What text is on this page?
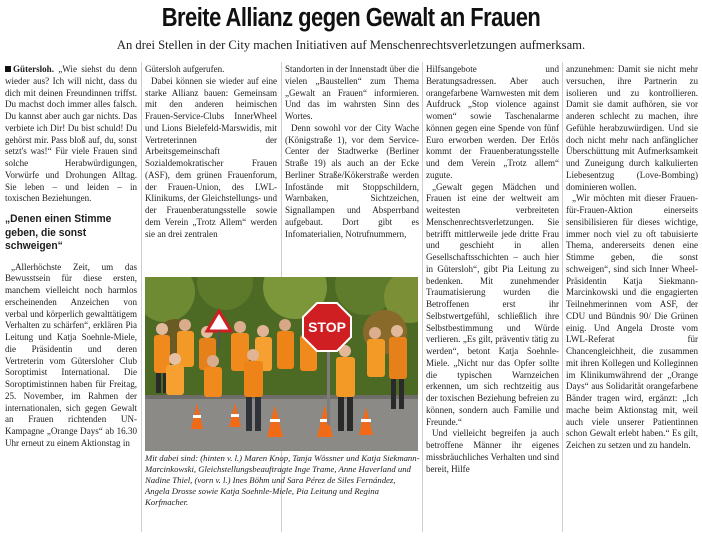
Breite Allianz gegen Gewalt an Frauen
An drei Stellen in der City machen Initiativen auf Menschenrechtsverletzungen aufmerksam.

Gütersloh. „Wie siehst du denn wieder aus? Ich will nicht, dass du dich mit deinen Freundinnen triffst. Du machst doch immer alles falsch. Du kannst aber auch gar nichts. Das verbiete ich Dir! Du bist schuld! Du gehörst mir. Pass bloß auf, du, sonst setzt's was!“ Für viele Frauen sind solche Herabwürdigungen, Vorwürfe und Drohungen Alltag. Sie leben – und leiden – in toxischen Beziehungen.

„Denen einen Stimme geben, die sonst schweigen“

„Allerhöchste Zeit, um das Bewusstsein für diese ersten, manchem vielleicht noch harmlos erscheinenden Anzeichen von verbal und körperlich gewalttätigem Verhalten zu schärfen“, erklären Pia Leitung und Katja Soehnle-Miele, die Präsidentin und deren Vertreterin vom Gütersloher Club Soroptimist International. Die Soroptimistinnen haben für Freitag, 25. November, im Rahmen der internationalen, sich gegen Gewalt an Frauen richtenden UN-Kampagne „Orange Days“ ab 16.30 Uhr erneut zu einem Aktionstag in

Gütersloh aufgerufen.

Dabei können sie wieder auf eine starke Allianz bauen: Gemeinsam mit den anderen heimischen Frauen-Service-Clubs InnerWheel und Lions Bielefeld-Marswidis, mit Vertreterinnen der Arbeitsgemeinschaft Sozialdemokratischer Frauen (ASF), dem grünen Frauenforum, der Frauen-Union, des LWL-Klinikums, der Gleichstellungs- und der Frauenberatungsstelle sowie dem Verein „Trotz Allem“ werden sie an drei zentralen

Standorten in der Innenstadt über die vielen „Baustellen“ zum Thema „Gewalt an Frauen“ informieren. Und das im wahrsten Sinn des Wortes.

Denn sowohl vor der City Wache (Königstraße 1), vor dem Service-Center der Stadtwerke (Berliner Straße 19) als auch an der Ecke Berliner Straße/Kökerstraße werden Infostände mit Stoppschildern, Warnbaken, Sichtzeichen, Signallampen und Absperrband aufgebaut. Dort gibt es Infomaterialien, Notrufnummern,

Hilfsangebote und Beratungsadressen. Aber auch orangefarbene Warnwesten mit dem Aufdruck „Stop violence against women“ sowie Taschenalarme können gegen eine Spende von fünf Euro erworben werden. Der Erlös kommt der Frauenberatungsstelle und dem Verein „Trotz allem“ zugute.

„Gewalt gegen Mädchen und Frauen ist eine der weltweit am weitesten verbreiteten Menschenrechtsverletzungen. Sie betrifft mittlerweile jede dritte Frau und geschieht in allen Gesellschaftsschichten – auch hier in Gütersloh“, gibt Pia Leitung zu bedenken. Mit zunehmender Traumatisierung wurden die Betroffenen erst ihr Selbstwertgefühl, schließlich ihre Selbstbestimmung und Würde verlieren. „Es gilt, präventiv tätig zu werden“, betont Katja Soehnle-Miele. „Nicht nur das Opfer sollte die typischen Warnzeichen erkennen, um sich rechtzeitig aus der toxischen Beziehung befreien zu können, sondern auch Familie und Freunde.“

Und vielleicht begreifen ja auch betroffene Männer ihr eigenes missbräuchliches Verhalten und sind bereit, Hilfe

anzunehmen: Damit sie nicht mehr versuchen, ihre Partnerin zu isolieren und zu kontrollieren. Damit sie damit aufhören, sie vor anderen schlecht zu machen, ihre Gefühle herabzuwürdigen. Und sie doch nicht mehr nach anfänglicher Überschüttung mit Aufmerksamkeit und Zuneigung durch kalkulierten Liebesentzug (Love-Bombing) dominieren wollen.

„Wir möchten mit dieser Frauen-für-Frauen-Aktion einerseits sensibilisieren für dieses wichtige, immer noch viel zu oft tabuisierte Thema, andererseits denen eine Stimme geben, die sonst schweigen“, sind sich Inner Wheel-Präsidentin Katja Siekmann-Marcinkowski und die engagierten Teilnehmerinnen vom ASF, der CDU und Bündnis 90/ Die Grünen einig. Und Angela Droste vom LWL-Referat für Chancengleichheit, die zusammen mit ihren Kollegen und Kolleginnen im Klinikumwährend der „Orange Days“ aus Solidarität orangefarbene Bänder tragen wird, ergänzt: „Ich mache beim Aktionstag mit, weil auch viele unserer Patientinnen schon Gewalt erlebt haben.“ Es gilt, Zeichen zu setzen und zu handeln.

STOP
Mit dabei sind: (hinten v. l.) Maren Knop, Tanja Wössner und Katja Siekmann-Marcinkowski, Gleichstellungsbeauftragte Inge Trame, Anne Haverland und Nadine Thiel, (vorn v. l.) Ines Böhm und Sara Pérez de Siles Fernández, Angela Drosse sowie Katja Soehnle-Miele, Pia Leitung und Regina Korfmacher.
